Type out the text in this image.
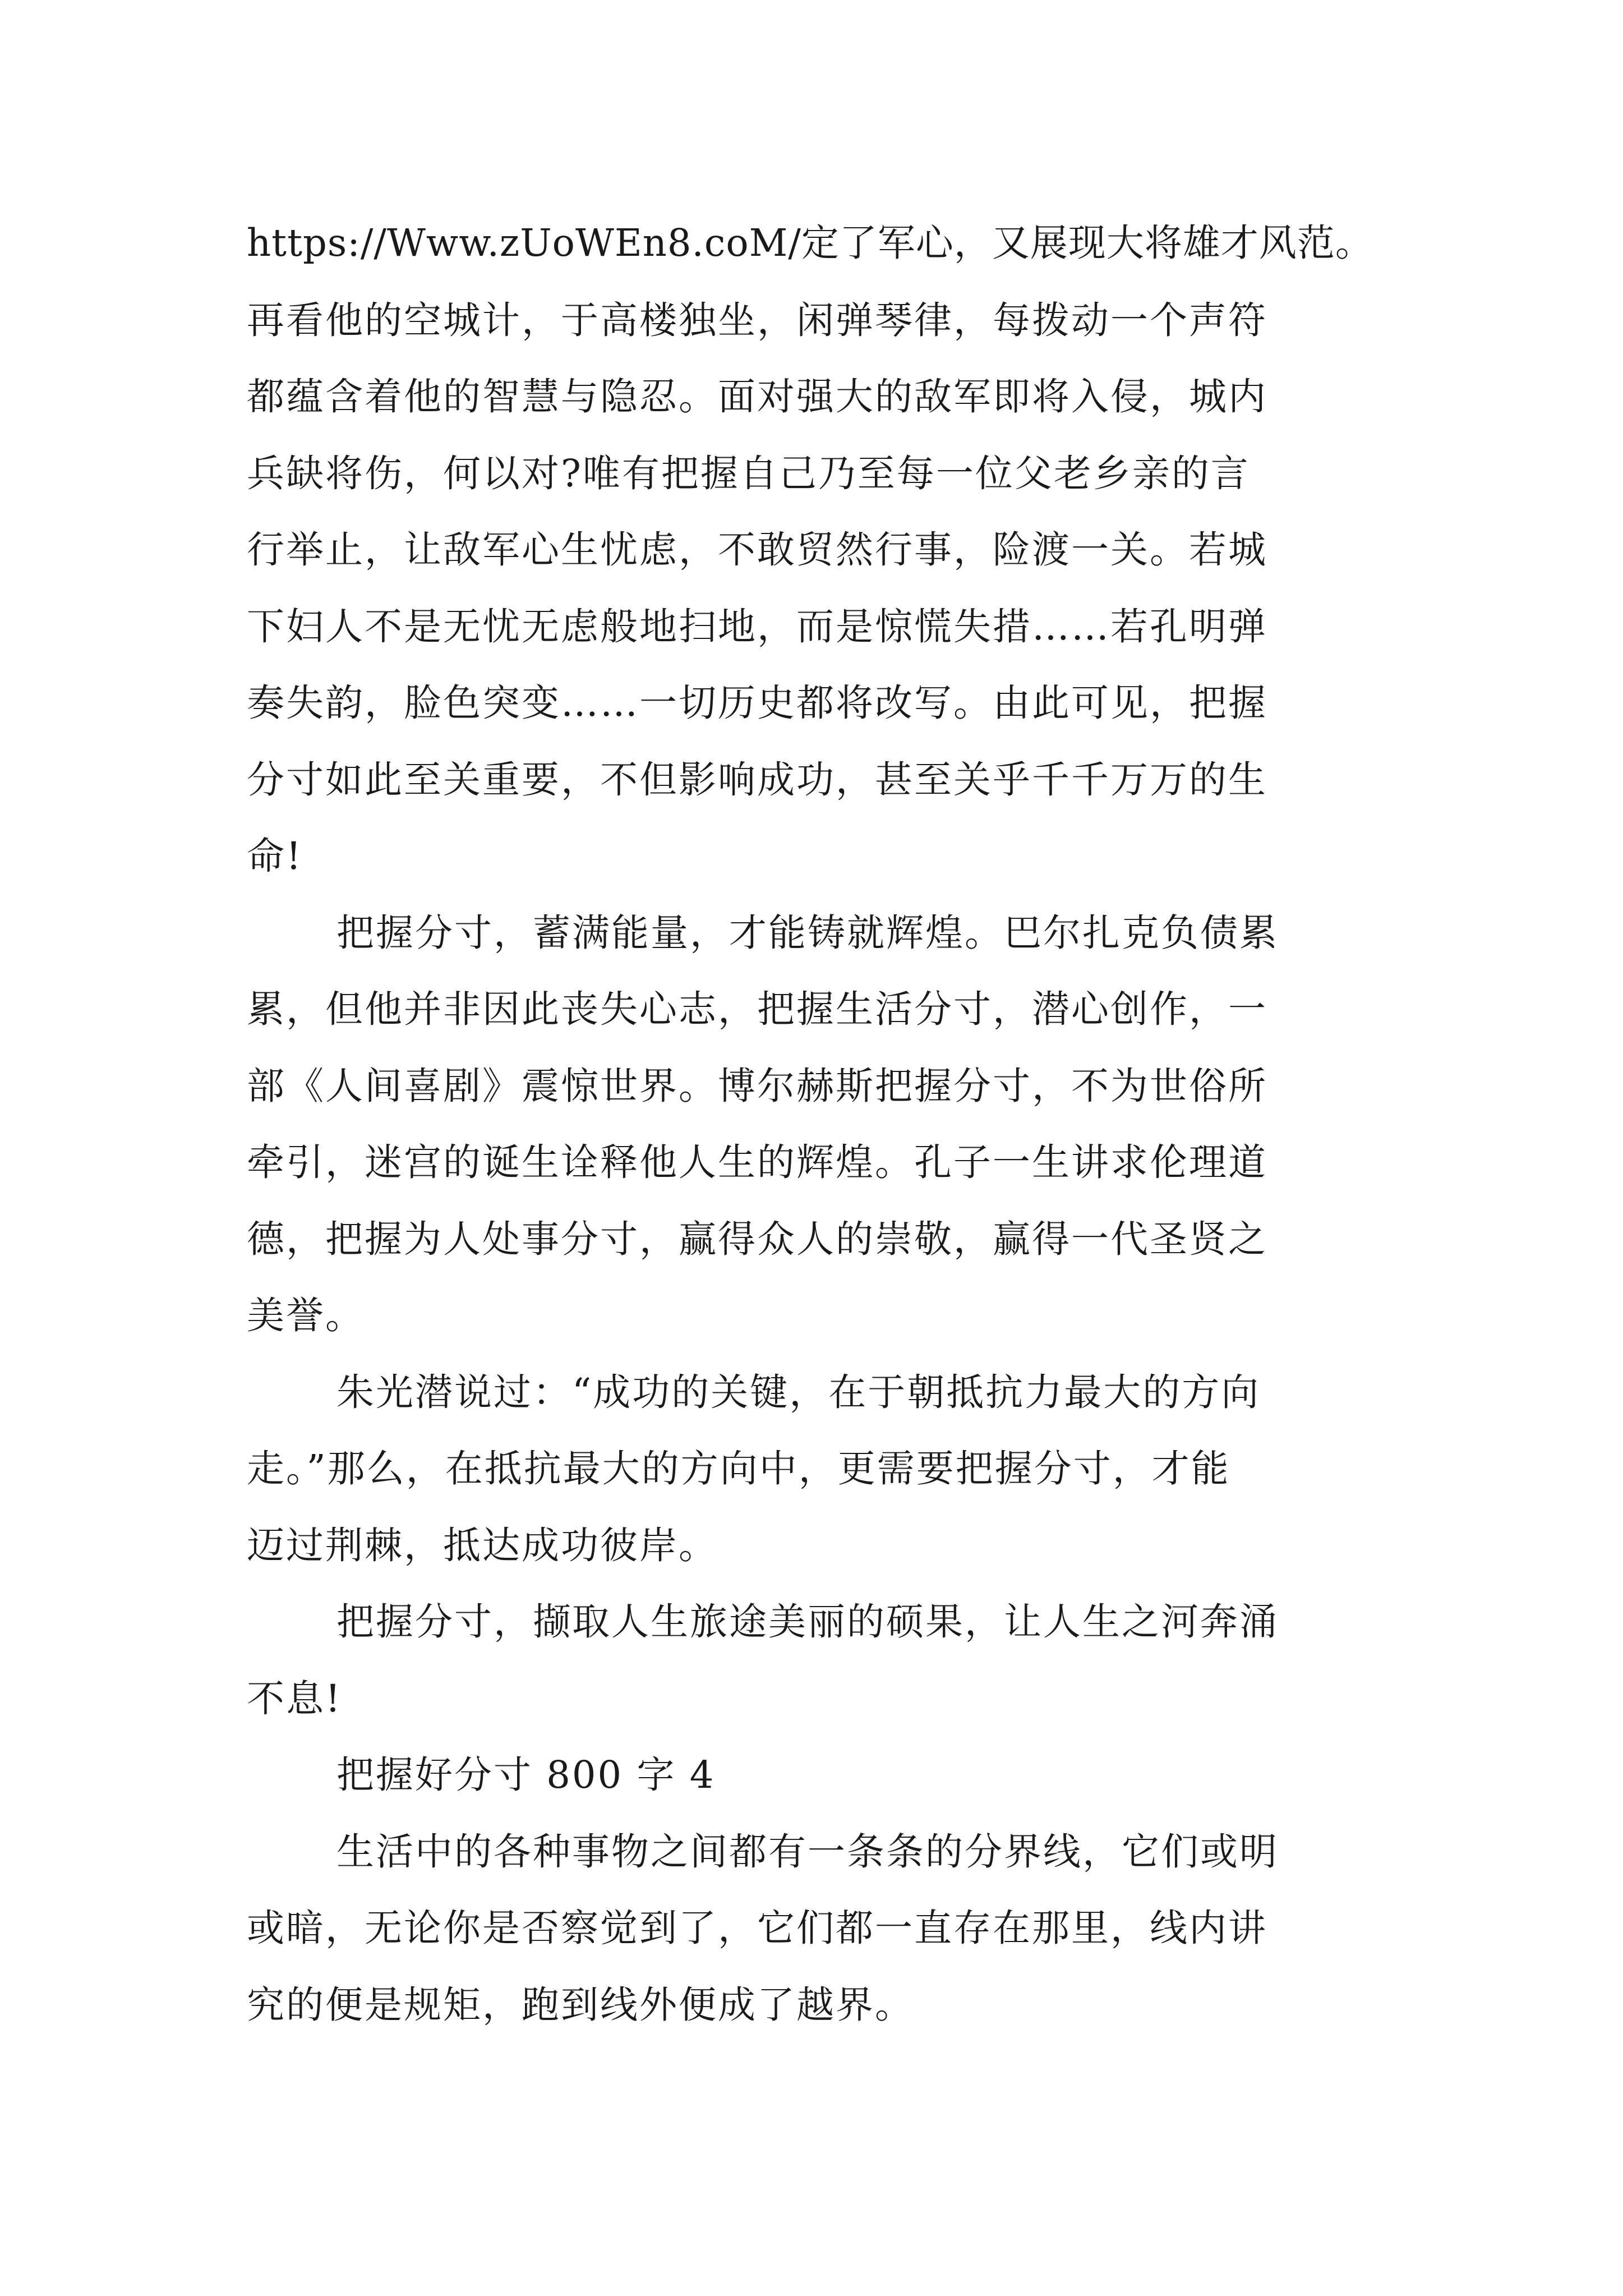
https://Www.zUoWEn8.coM/定了军心，又展现大将雄才风范。
再看他的空城计，于高楼独坐，闲弹琴律，每拨动一个声符
都蕴含着他的智慧与隐忍。面对强大的敌军即将入侵，城内
兵缺将伤，何以对?唯有把握自己乃至每一位父老乡亲的言
行举止，让敌军心生忧虑，不敢贸然行事，险渡一关。若城
下妇人不是无忧无虑般地扫地，而是惊慌失措……若孔明弹
奏失韵，脸色突变……一切历史都将改写。由此可见，把握
分寸如此至关重要，不但影响成功，甚至关乎千千万万的生
命!
把握分寸，蓄满能量，才能铸就辉煌。巴尔扎克负债累
累，但他并非因此丧失心志，把握生活分寸，潜心创作，一
部《人间喜剧》震惊世界。博尔赫斯把握分寸，不为世俗所
牵引，迷宫的诞生诠释他人生的辉煌。孔子一生讲求伦理道
德，把握为人处事分寸，赢得众人的崇敬，赢得一代圣贤之
美誉。
朱光潜说过：“成功的关键，在于朝抵抗力最大的方向
走。”那么，在抵抗最大的方向中，更需要把握分寸，才能
迈过荆棘，抵达成功彼岸。
把握分寸，撷取人生旅途美丽的硕果，让人生之河奔涌
不息!
把握好分寸 800 字 4
生活中的各种事物之间都有一条条的分界线，它们或明
或暗，无论你是否察觉到了，它们都一直存在那里，线内讲
究的便是规矩，跑到线外便成了越界。
